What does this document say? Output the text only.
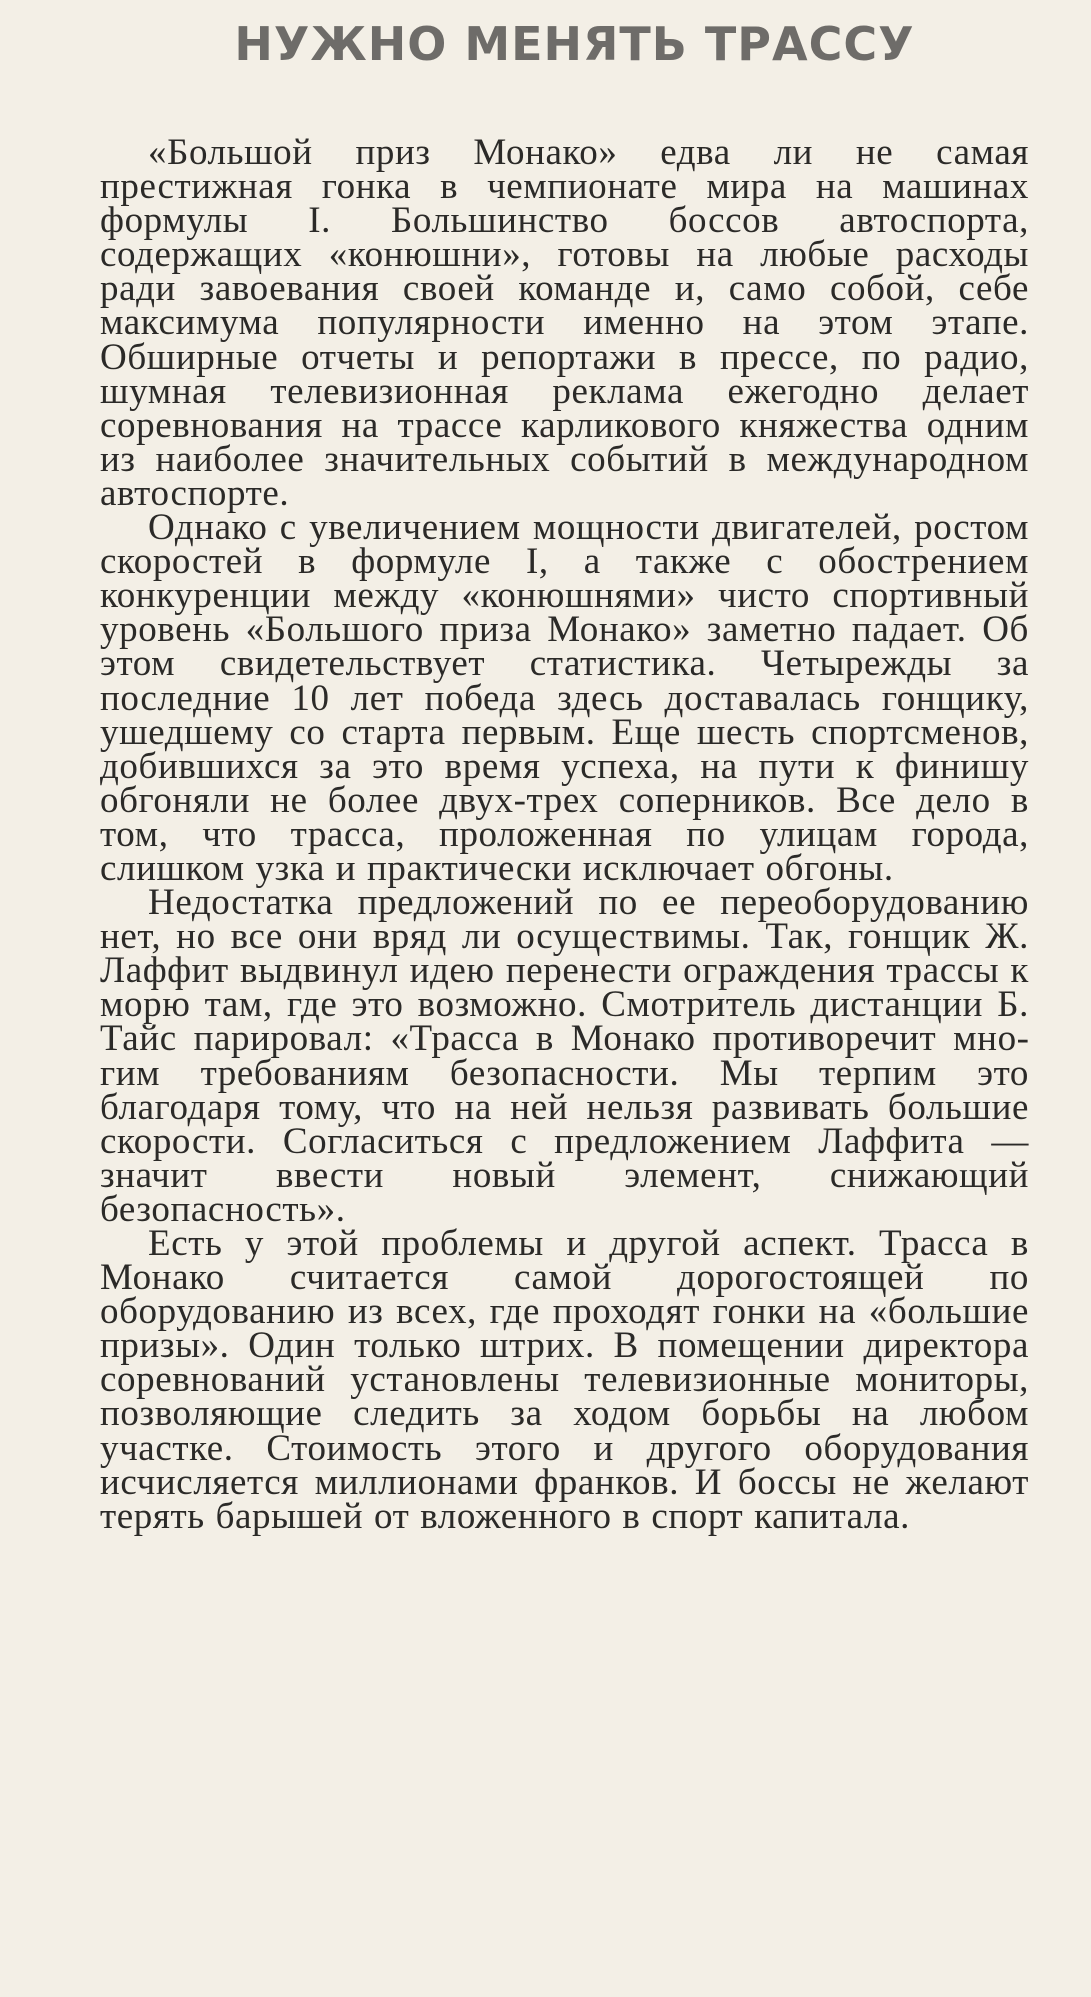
НУЖНО МЕНЯТЬ ТРАССУ

«Большой приз Монако» едва ли не самая престижная гонка в чемпионате мира на машинах формулы I. Большинство боссов автоспорта, содержащих «конюшни», готовы на любые расходы ради завоевания своей команде и, само собой, себе максимума популярности именно на этом этапе. Обширные отчеты и репортажи в прессе, по радио, шумная телевизионная реклама ежегодно делает соревнования на трассе карликового княжества одним из наиболее значительных событий в международном автоспорте.

Однако с увеличением мощности двигателей, ростом скоростей в формуле I, а также с обострением конкуренции между «конюшнями» чисто спортивный уровень «Большого приза Монако» заметно падает. Об этом свидетельствует статистика. Четырежды за последние 10 лет победа здесь доставалась гонщику, ушедшему со старта первым. Еще шесть спортсменов, добившихся за это время успеха, на пути к финишу обгоняли не более двух-трех соперников. Все дело в том, что трасса, проложенная по улицам города, слишком узка и практически исключает обгоны.

Недостатка предложений по ее переоборудованию нет, но все они вряд ли осуществимы. Так, гонщик Ж. Лаффит выдвинул идею перенести ограждения трассы к морю там, где это возможно. Смотритель дистанции Б. Тайс парировал: «Трасса в Монако противоречит многим требованиям безопасности. Мы терпим это благодаря тому, что на ней нельзя развивать большие скорости. Согласиться с предложением Лаффита — значит ввести новый элемент, снижающий безопасность».

Есть у этой проблемы и другой аспект. Трасса в Монако считается самой дорогостоящей по оборудованию из всех, где проходят гонки на «большие призы». Один только штрих. В помещении директора соревнований установлены телевизионные мониторы, позволяющие следить за ходом борьбы на любом участке. Стоимость этого и другого оборудования исчисляется миллионами франков. И боссы не желают терять барышей от вложенного в спорт капитала.
